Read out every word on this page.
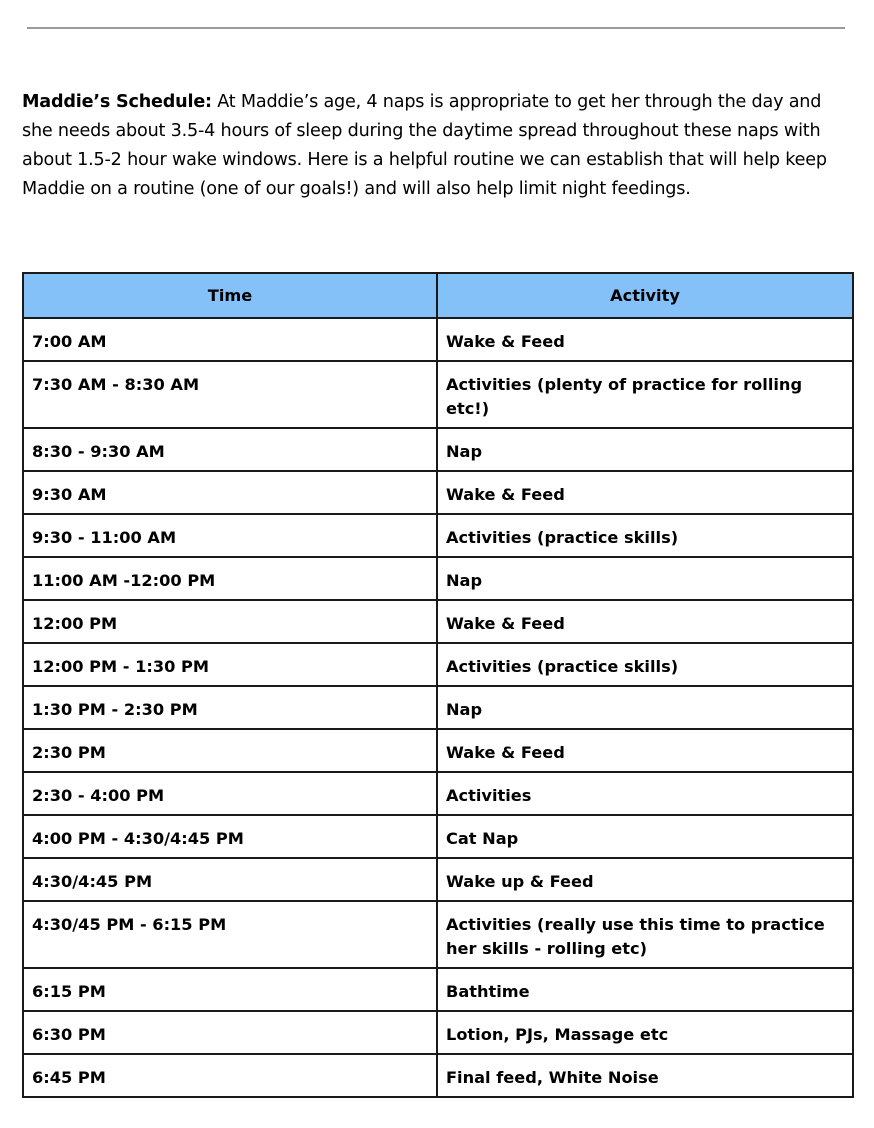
Maddie’s Schedule: At Maddie’s age, 4 naps is appropriate to get her through the day and she needs about 3.5-4 hours of sleep during the daytime spread throughout these naps with about 1.5-2 hour wake windows. Here is a helpful routine we can establish that will help keep Maddie on a routine (one of our goals!) and will also help limit night feedings.

Time	Activity
7:00 AM	Wake & Feed
7:30 AM - 8:30 AM	Activities (plenty of practice for rolling etc!)
8:30 - 9:30 AM	Nap
9:30 AM	Wake & Feed
9:30 - 11:00 AM	Activities (practice skills)
11:00 AM -12:00 PM	Nap
12:00 PM	Wake & Feed
12:00 PM - 1:30 PM	Activities (practice skills)
1:30 PM - 2:30 PM	Nap
2:30 PM	Wake & Feed
2:30 - 4:00 PM	Activities
4:00 PM - 4:30/4:45 PM	Cat Nap
4:30/4:45 PM	Wake up & Feed
4:30/45 PM - 6:15 PM	Activities (really use this time to practice her skills - rolling etc)
6:15 PM	Bathtime
6:30 PM	Lotion, PJs, Massage etc
6:45 PM	Final feed, White Noise
